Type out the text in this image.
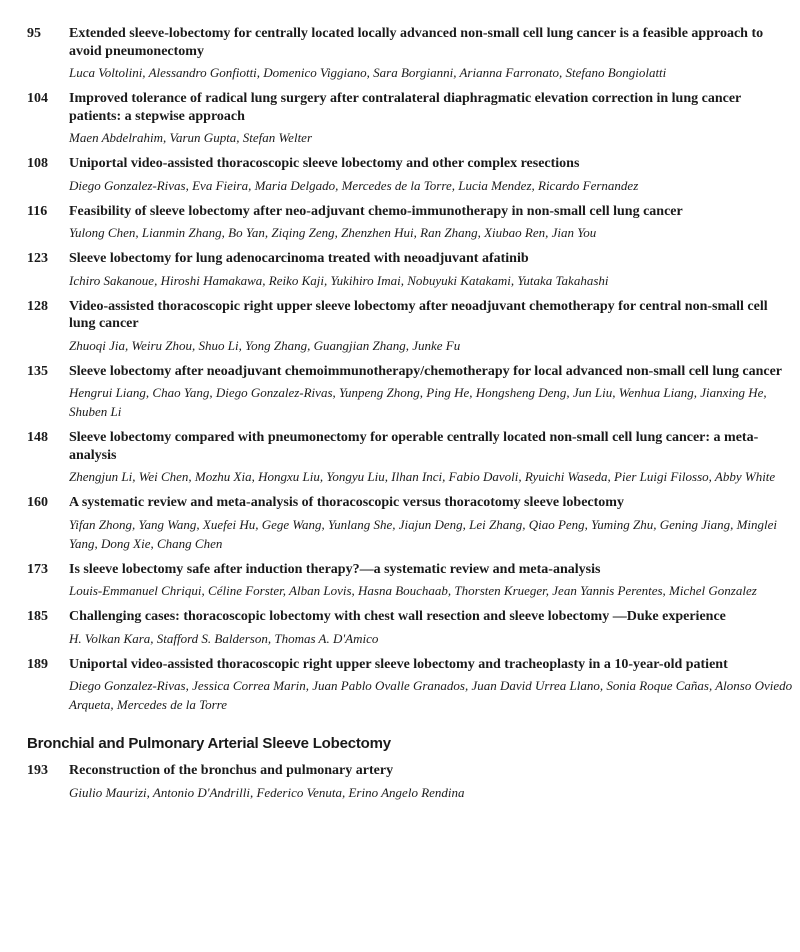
95	Extended sleeve-lobectomy for centrally located locally advanced non-small cell lung cancer is a feasible approach to avoid pneumonectomy
Luca Voltolini, Alessandro Gonfiotti, Domenico Viggiano, Sara Borgianni, Arianna Farronato, Stefano Bongiolatti
104	Improved tolerance of radical lung surgery after contralateral diaphragmatic elevation correction in lung cancer patients: a stepwise approach
Maen Abdelrahim, Varun Gupta, Stefan Welter
108	Uniportal video-assisted thoracoscopic sleeve lobectomy and other complex resections
Diego Gonzalez-Rivas, Eva Fieira, Maria Delgado, Mercedes de la Torre, Lucia Mendez, Ricardo Fernandez
116	Feasibility of sleeve lobectomy after neo-adjuvant chemo-immunotherapy in non-small cell lung cancer
Yulong Chen, Lianmin Zhang, Bo Yan, Ziqing Zeng, Zhenzhen Hui, Ran Zhang, Xiubao Ren, Jian You
123	Sleeve lobectomy for lung adenocarcinoma treated with neoadjuvant afatinib
Ichiro Sakanoue, Hiroshi Hamakawa, Reiko Kaji, Yukihiro Imai, Nobuyuki Katakami, Yutaka Takahashi
128	Video-assisted thoracoscopic right upper sleeve lobectomy after neoadjuvant chemotherapy for central non-small cell lung cancer
Zhuoqi Jia, Weiru Zhou, Shuo Li, Yong Zhang, Guangjian Zhang, Junke Fu
135	Sleeve lobectomy after neoadjuvant chemoimmunotherapy/chemotherapy for local advanced non-small cell lung cancer
Hengrui Liang, Chao Yang, Diego Gonzalez-Rivas, Yunpeng Zhong, Ping He, Hongsheng Deng, Jun Liu, Wenhua Liang, Jianxing He, Shuben Li
148	Sleeve lobectomy compared with pneumonectomy for operable centrally located non-small cell lung cancer: a meta-analysis
Zhengjun Li, Wei Chen, Mozhu Xia, Hongxu Liu, Yongyu Liu, Ilhan Inci, Fabio Davoli, Ryuichi Waseda, Pier Luigi Filosso, Abby White
160	A systematic review and meta-analysis of thoracoscopic versus thoracotomy sleeve lobectomy
Yifan Zhong, Yang Wang, Xuefei Hu, Gege Wang, Yunlang She, Jiajun Deng, Lei Zhang, Qiao Peng, Yuming Zhu, Gening Jiang, Minglei Yang, Dong Xie, Chang Chen
173	Is sleeve lobectomy safe after induction therapy?—a systematic review and meta-analysis
Louis-Emmanuel Chriqui, Céline Forster, Alban Lovis, Hasna Bouchaab, Thorsten Krueger, Jean Yannis Perentes, Michel Gonzalez
185	Challenging cases: thoracoscopic lobectomy with chest wall resection and sleeve lobectomy —Duke experience
H. Volkan Kara, Stafford S. Balderson, Thomas A. D'Amico
189	Uniportal video-assisted thoracoscopic right upper sleeve lobectomy and tracheoplasty in a 10-year-old patient
Diego Gonzalez-Rivas, Jessica Correa Marin, Juan Pablo Ovalle Granados, Juan David Urrea Llano, Sonia Roque Cañas, Alonso Oviedo Arqueta, Mercedes de la Torre
Bronchial and Pulmonary Arterial Sleeve Lobectomy
193	Reconstruction of the bronchus and pulmonary artery
Giulio Maurizi, Antonio D'Andrilli, Federico Venuta, Erino Angelo Rendina
